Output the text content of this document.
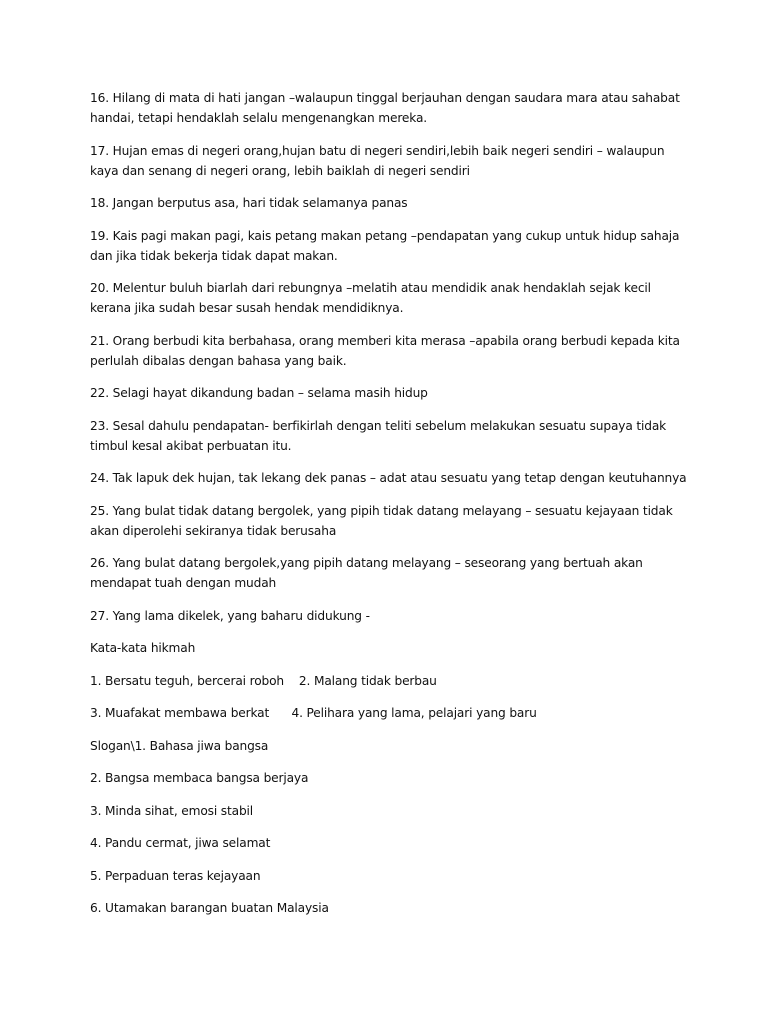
16. Hilang di mata di hati jangan –walaupun tinggal berjauhan dengan saudara mara atau sahabat handai, tetapi hendaklah selalu mengenangkan mereka.

17. Hujan emas di negeri orang,hujan batu di negeri sendiri,lebih baik negeri sendiri – walaupun kaya dan senang di negeri orang, lebih baiklah di negeri sendiri

18. Jangan berputus asa, hari tidak selamanya panas

19. Kais pagi makan pagi, kais petang makan petang –pendapatan yang cukup untuk hidup sahaja dan jika tidak bekerja tidak dapat makan.

20. Melentur buluh biarlah dari rebungnya –melatih atau mendidik anak hendaklah sejak kecil kerana jika sudah besar susah hendak mendidiknya.

21. Orang berbudi kita berbahasa, orang memberi kita merasa –apabila orang berbudi kepada kita perlulah dibalas dengan bahasa yang baik.

22. Selagi hayat dikandung badan – selama masih hidup

23. Sesal dahulu pendapatan- berfikirlah dengan teliti sebelum melakukan sesuatu supaya tidak timbul kesal akibat perbuatan itu.

24. Tak lapuk dek hujan, tak lekang dek panas – adat atau sesuatu yang tetap dengan keutuhannya

25. Yang bulat tidak datang bergolek, yang pipih tidak datang melayang – sesuatu kejayaan tidak akan diperolehi sekiranya tidak berusaha

26. Yang bulat datang bergolek,yang pipih datang melayang – seseorang yang bertuah akan mendapat tuah dengan mudah

27. Yang lama dikelek, yang baharu didukung -

Kata-kata hikmah

1. Bersatu teguh, bercerai roboh    2. Malang tidak berbau

3. Muafakat membawa berkat      4. Pelihara yang lama, pelajari yang baru

Slogan\1. Bahasa jiwa bangsa

2. Bangsa membaca bangsa berjaya

3. Minda sihat, emosi stabil

4. Pandu cermat, jiwa selamat

5. Perpaduan teras kejayaan

6. Utamakan barangan buatan Malaysia
